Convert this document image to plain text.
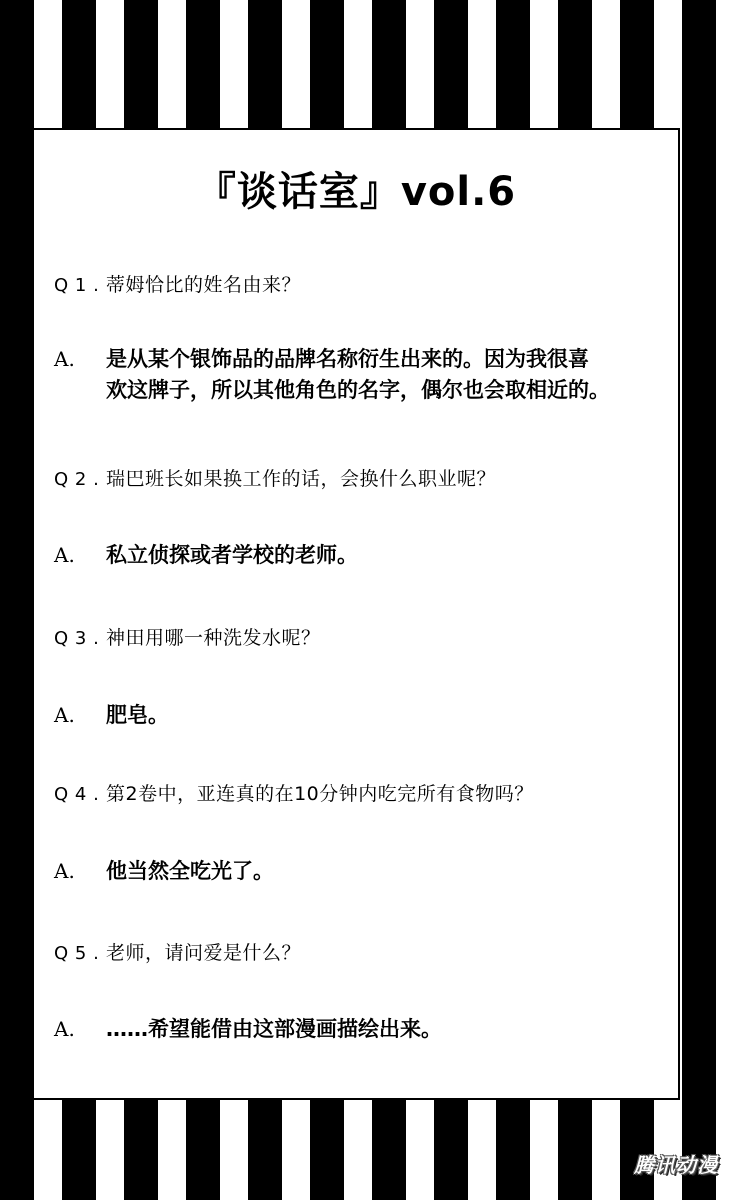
『谈话室』vol.6
Q 1 . 蒂姆恰比的姓名由来？
A. 是从某个银饰品的品牌名称衍生出来的。因为我很喜
欢这牌子，所以其他角色的名字，偶尔也会取相近的。
Q 2 . 瑞巴班长如果换工作的话，会换什么职业呢？
A. 私立侦探或者学校的老师。
Q 3 . 神田用哪一种洗发水呢？
A. 肥皂。
Q 4 . 第2卷中，亚连真的在10分钟内吃完所有食物吗？
A. 他当然全吃光了。
Q 5 . 老师，请问爱是什么？
A. ……希望能借由这部漫画描绘出来。
腾讯动漫
